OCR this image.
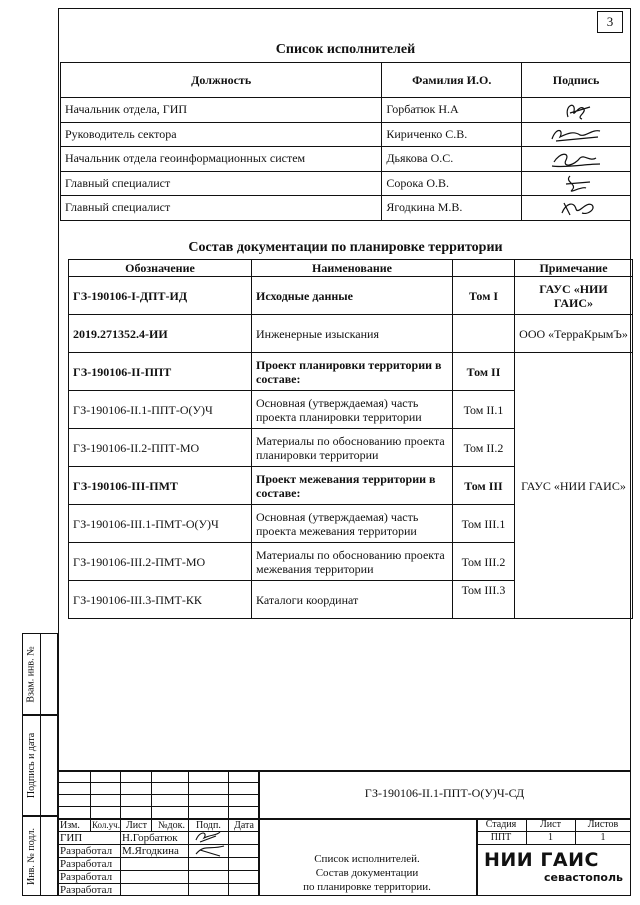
3
Список исполнителей
Должность	Фамилия И.О.	Подпись
Начальник отдела, ГИП	Горбатюк Н.А	

Руководитель сектора	Кириченко С.В.	

Начальник отдела геоинформационных систем	Дьякова О.С.	

Главный специалист	Сорока О.В.	

Главный специалист	Ягодкина М.В.	
Состав документации по планировке территории
Обозначение	Наименование		Примечание
ГЗ-190106-I-ДПТ-ИД	Исходные данные	Том I	ГАУС «НИИ ГАИС»
2019.271352.4-ИИ	Инженерные изыскания		ООО «ТерраКрымЪ»
ГЗ-190106-II-ППТ	Проект планировки территории в составе:	Том II	ГАУС «НИИ ГАИС»
ГЗ-190106-II.1-ППТ-О(У)Ч	Основная (утверждаемая) часть проекта планировки территории	Том II.1	
ГЗ-190106-II.2-ППТ-МО	Материалы по обоснованию проекта планировки территории	Том II.2	
ГЗ-190106-III-ПМТ	Проект межевания территории в составе:	Том III	
ГЗ-190106-III.1-ПМТ-О(У)Ч	Основная (утверждаемая) часть проекта межевания территории	Том III.1	
ГЗ-190106-III.2-ПМТ-МО	Материалы по обоснованию проекта межевания территории	Том III.2	
ГЗ-190106-III.3-ПМТ-КК	Каталоги координат	Том III.3	
Взам. инв. №
Подпись и дата
Инв. № подл.
Изм. Кол.уч. Лист №док. Подп. Дата
ГИП	Н.Горбатюк
Разработал М.Ягодкина
Разработал
Разработал
Разработал
Список исполнителей.
Состав документации
по планировке территории.
ГЗ-190106-II.1-ППТ-О(У)Ч-СД
Стадия	Лист	Листов
ППТ	1	1
НИИ ГАИС
севастополь
